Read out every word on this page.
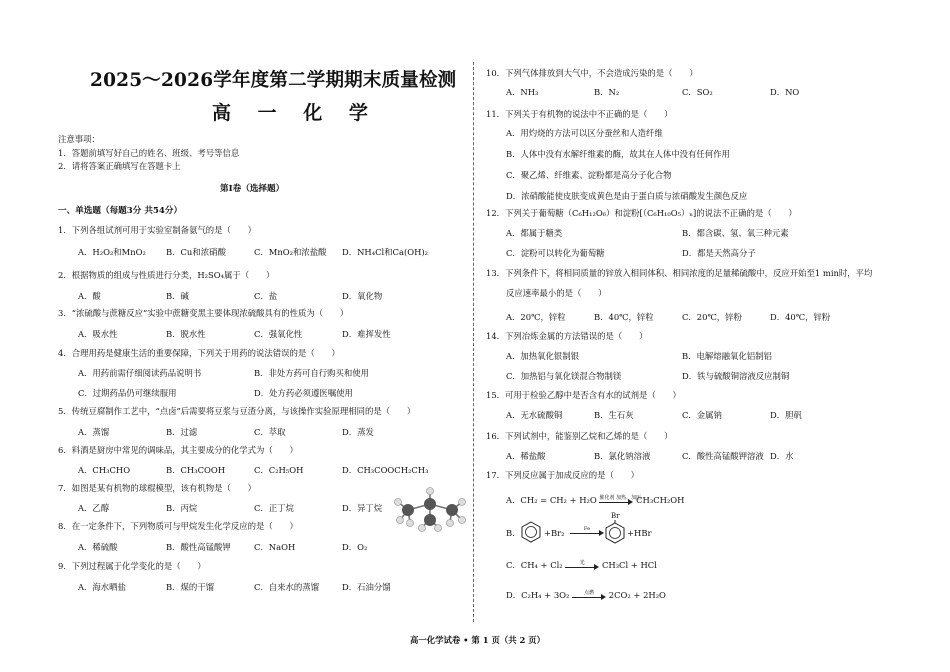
2025～2026学年度第二学期期末质量检测
高 一 化 学
注意事项：
1．答题前填写好自己的姓名、班级、考号等信息
2．请将答案正确填写在答题卡上
第Ⅰ卷（选择题）
一、单选题（每题3分 共54分）
1．下列各组试剂可用于实验室制备氨气的是（　　）
A．H₂O₂和MnO₂ B．Cu和浓硝酸	C．MnO₂和浓盐酸 D．NH₄Cl和Ca(OH)₂
2．根据物质的组成与性质进行分类，H₂SO₄属于（　　）
A．酸	B．碱	C．盐	D．氧化物
3．“浓硫酸与蔗糖反应”实验中蔗糖变黑主要体现浓硫酸具有的性质为（　　）
A．吸水性	B．脱水性	C．强氧化性	D．难挥发性
4．合理用药是健康生活的重要保障，下列关于用药的说法错误的是（　　）
A．用药前需仔细阅读药品说明书	B．非处方药可自行购买和使用
C．过期药品仍可继续服用	D．处方药必须遵医嘱使用
5．传统豆腐制作工艺中，“点卤”后需要将豆浆与豆渣分离，与该操作实验原理相同的是（　　）
A．蒸馏	B．过滤	C．萃取	D．蒸发
6．料酒是厨房中常见的调味品，其主要成分的化学式为（　　）
A．CH₃CHO	B．CH₃COOH	C．C₂H₅OH	D．CH₃COOCH₂CH₃
7．如图是某有机物的球棍模型，该有机物是（　　）
A．乙醇	B．丙烷	C．正丁烷	D．异丁烷
8．在一定条件下，下列物质可与甲烷发生化学反应的是（　　）
A．稀硫酸	B．酸性高锰酸钾	C．NaOH	D．O₂
9．下列过程属于化学变化的是（　　）
A．海水晒盐	B．煤的干馏	C．自来水的蒸馏	D．石油分馏
11．下列关于有机物的说法中不正确的是（　　）
A．用灼烧的方法可以区分蚕丝和人造纤维
B．人体中没有水解纤维素的酶，故其在人体中没有任何作用
C．聚乙烯、纤维素、淀粉都是高分子化合物
D．浓硝酸能使皮肤变成黄色是由于蛋白质与浓硝酸发生颜色反应
10．下列气体排放到大气中，不会造成污染的是（　　）
A．NH₃	B．N₂	C．SO₂	D．NO
12．下列关于葡萄糖（C₆H₁₂O₆）和淀粉[（C₆H₁₀O₅）ₙ]的说法不正确的是（　　）
A．都属于糖类	B．都含碳、氢、氧三种元素
C．淀粉可以转化为葡萄糖	D．都是天然高分子
13．下列条件下，将相同质量的锌放入相同体积、相同浓度的足量稀硫酸中，反应开始至1 min时，平均
反应速率最小的是（　　）
A．20℃，锌粒	B．40℃，锌粒	C．20℃，锌粉	D．40℃，锌粉
14．下列冶炼金属的方法错误的是（　　）
A．加热氧化银制银	B．电解熔融氧化铝制铝
C．加热铝与氧化镁混合物制镁	D．铁与硫酸铜溶液反应制铜
15．可用于检验乙醇中是否含有水的试剂是（　　）
A．无水硫酸铜	B．生石灰	C．金属钠	D．胆矾
16．下列试剂中，能鉴别乙烷和乙烯的是（　　）
A．稀盐酸	B．氯化钠溶液	C．酸性高锰酸钾溶液 D．水
17．下列反应属于加成反应的是（　　）
A．CH₂ = CH₂ + H₂O 催化剂 加热、加压
CH₃CH₂OH
B．	+Br₂	Fe
Br
+HBr
C．CH₄ + Cl₂	光	CH₃Cl + HCl
D．C₂H₄ + 3O₂	点燃	2CO₂ + 2H₂O
高一化学试卷 • 第 1 页（共 2 页）
